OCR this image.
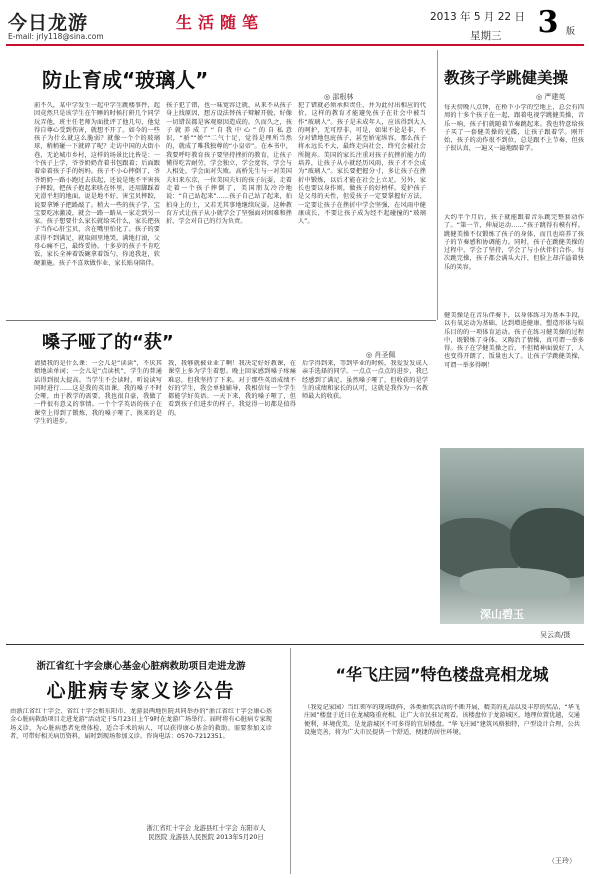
今日龙游
E-mail: jrly118@sina.com
生活随笔	2013 年 5 月 22 日
星期三 3 版
防止育成“玻璃人”
◎ 邵根林
前不久，某中学发生一起中学生跳楼事件，起因竟然只是该学生在午睡的时候打鼾几个同学玩弄他，班主任老师为面批评了他几句，他觉得自尊心受到伤害，就想不开了。如今的一些孩子为什么就这么脆弱？就像一个个的玻璃球，稍稍碰一下就碎了呢？走访中国的大街小巷，无论城市乡村，这样的场景比比皆是：一个孩子上学，爷爷奶奶背着书包跟着；后面跟着牵着孩子手的妈妈。孩子不小心摔倒了，爷爷奶奶一路小跑过去扶起，还说是地不平害孩子摔跤，把孩子抱起来哄在怀里，还用脚踩着光滑平坦的地面，说是地不好，害宝贝摔跤，说要拿锤子把路敲了。稍大一些的孩子学，宝宝要吃冰激凌，就会一路一路从一家走到另一家。孩子想要什么家长就给买什么，家长把孩子当作心肝宝贝，含在嘴里怕化了。孩子的要求得不到满足，就取闹里地哭，满地打滚，父母心痛不已，最终妥协。十多岁的孩子不肯吃饭，家长全神着饭碗拿着饭勺，你追我赶，软硬兼施。孩子不喜欢做作业，家长贴身陪伴。
孩子犯了错，也一味宽容迁就，从来不从孩子身上找原因，想方设法替孩子辩解开脱，好像一切错误都是客观原因造成的。久而久之，孩子就养成了“自我中心”的自私意识，“骄”“娇”“二气十足，觉得是理所当然的，就成了唯我独尊的“小皇帝”。在本书中，我要呼吁教育孩子要坚持挫折的教育，让孩子懂得吃苦耐劳，学会独立，学会宽容，学会与人相处，学会面对失败。高桥先生与一对美国夫妇来东京，一位美国夫妇的孩子玩耍，走着走着一个孩子摔倒了，美国朋友冷冷地说：“自己站起来”……孩子自己站了起来，拍拍身上的土，又若无其事地继续玩耍。这种教育方式让孩子从小就学会了坚强面对困难和挫折，学会对自己的行为负责。
犯了错就必须承担责任，并为此付出相应的代价，这样的教育才能避免孩子在社会中被当作“玻璃人”。孩子是未成年人，应该得到大人的呵护，无可厚非，可是，如果不论是非，不分对错地包庇孩子，甚至娇宠纵容，那么孩子将永远长不大，最终走向社会，终究会被社会所抛弃。美国的家长注重对孩子抗挫折能力的培养，让孩子从小就经历风雨，孩子才不会成为“玻璃人”。家长要把握分寸，多让孩子在挫折中锻炼，以后才能在社会上立足。另外，家长也要以身作则，做孩子的好榜样。爱护孩子是父母的天性，但爱孩子一定要掌握好方法，一定要让孩子在挫折中学会坚强，在风雨中健康成长，不要让孩子成为经不起碰撞的“玻璃人”。
教孩子学跳健美操
◎ 严建英
每天傍晚八点钟，在桥下小学的空地上，总会有四周的十多个孩子在一起，跟着电视学跳健美操，音乐一响，孩子们就随着节奏跳起来。我也特意给孩子买了一套健美操的光碟，让孩子跟着学。刚开始，孩子的动作很不到位，总是跟不上节奏，但孩子很认真，一遍又一遍地跟着学。
大约半个月后，孩子就能跟着音乐跳完整套动作了。“第一节，伸展运动……”孩子跳得有模有样。跳健美操不仅锻炼了孩子的身体，而且也培养了孩子的节奏感和协调能力。同时，孩子在跳健美操的过程中，学会了坚持，学会了与小伙伴们合作。每次跳完操，孩子都会满头大汗，但脸上却洋溢着快乐的笑容。
健美操是在音乐伴奏下，以身体练习为基本手段，以有氧运动为基础，达到增进健康、塑造形体与娱乐目的的一项体育运动。孩子在练习健美操的过程中，既锻炼了身体，又陶冶了情操，真可谓一举多得。孩子在学健美操之后，不但精神面貌好了，人也变得开朗了，饭量也大了。让孩子学跳健美操，可谓一举多得啊！
嗓子哑了的“获”
◎ 肖圣佩
请猜我的是什么课：一会儿是“读读”，不厌其烦地读单词；一会儿是“点读机”，学生的普通话得到很大提高。当学生不会读时，听说读写同时进行……这是我的英语课。我的嗓子不时会哑，由于教学的需要，我也很自豪，我做了一件很有意义的事情。一个个学英语的孩子在课堂上得到了锻炼，我的嗓子哑了，换来的是学生的进步。
我，我够就被业业了啊！我决定好好教课，在课堂上多为学生着想。晚上回家感到嗓子疼痛难忍，但我坚持了下来。对于那些英语成绩不好的学生，我会单独辅导，我相信每一个学生都能学好英语。一天下来，我的嗓子哑了，但看到孩子们进步的样子，我觉得一切都是值得的。
后学得到来，等到毕业的时候，我爱发发成人亲手选择的同学。一点点一点点的进步，我已经感到了满足。虽然嗓子哑了，但收获的是学生的成绩和家长的认可，这就是我作为一名教师最大的收获。
深山碧玉
吴云高/摄
浙江省红十字会康心基金心脏病救助项目走进龙游
心脏病专家义诊公告
由浙江省红十字会、省红十字会和东阳市、龙游县两地医院共同举办的“浙江省红十字会康心基金心脏病救助项目走进龙游”活动定于5月23日上午9时在龙游广场举行。届时将有心脏病专家现场义诊，为心脏病患者免费体检，适合手术的病人，可以获得康心基金的救助。需要参加义诊者，可带好相关病历资料，届时到现场参加义诊。咨询电话：0570-7212351。
浙江省红十字会 龙游县红十字会 东阳市人民医院 龙游县人民医院 2013年5月20日
“华飞庄园”特色楼盘亮相龙城
（我爱记家园）当红领军的现场助阵，各类抽奖活动的不断开展，精美的礼品以及丰厚的奖品，“华飞庄园”楼盘于近日在龙城隆重亮相，让广大市民驻足观看。该楼盘位于龙游城区，地理位置优越，交通便利，环境优美，是龙游城区不可多得的宜居楼盘。“华飞庄园”建筑风格独特，户型设计合理，公共设施完善，将为广大市民提供一个舒适、便捷的居住环境。
（王玲）
